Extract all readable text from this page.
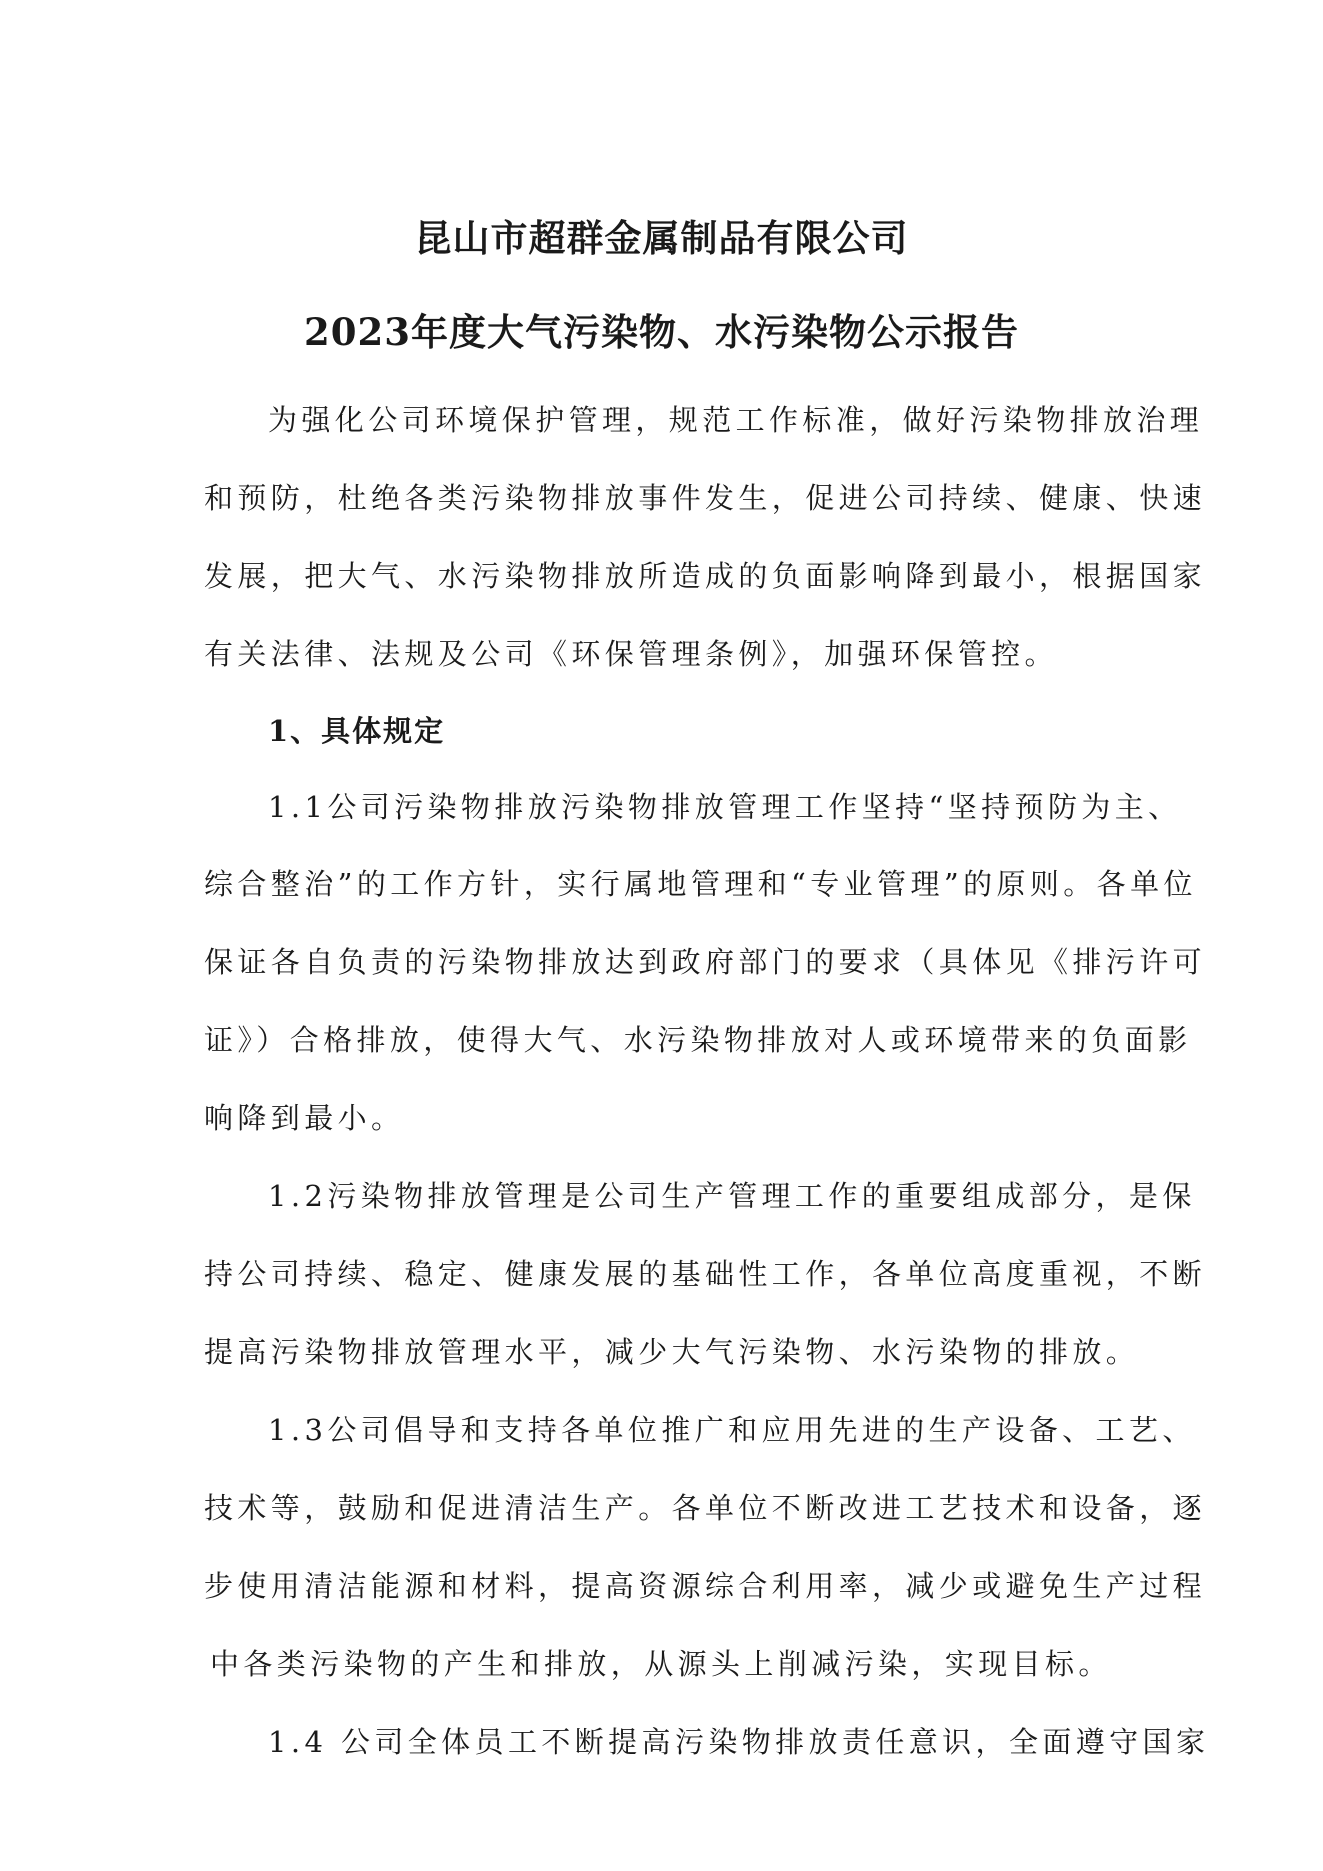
昆山市超群金属制品有限公司
2023年度大气污染物、水污染物公示报告
为强化公司环境保护管理，规范工作标准，做好污染物排放治理
和预防，杜绝各类污染物排放事件发生，促进公司持续、健康、快速
发展，把大气、水污染物排放所造成的负面影响降到最小，根据国家
有关法律、法规及公司《环保管理条例》，加强环保管控。
1、具体规定
1.1公司污染物排放污染物排放管理工作坚持“坚持预防为主、
综合整治”的工作方针，实行属地管理和“专业管理”的原则。各单位
保证各自负责的污染物排放达到政府部门的要求（具体见《排污许可
证》）合格排放，使得大气、水污染物排放对人或环境带来的负面影
响降到最小。
1.2污染物排放管理是公司生产管理工作的重要组成部分，是保
持公司持续、稳定、健康发展的基础性工作，各单位高度重视，不断
提高污染物排放管理水平，减少大气污染物、水污染物的排放。
1.3公司倡导和支持各单位推广和应用先进的生产设备、工艺、
技术等，鼓励和促进清洁生产。各单位不断改进工艺技术和设备，逐
步使用清洁能源和材料，提高资源综合利用率，减少或避免生产过程
中各类污染物的产生和排放，从源头上削减污染，实现目标。
1.4 公司全体员工不断提高污染物排放责任意识，全面遵守国家
